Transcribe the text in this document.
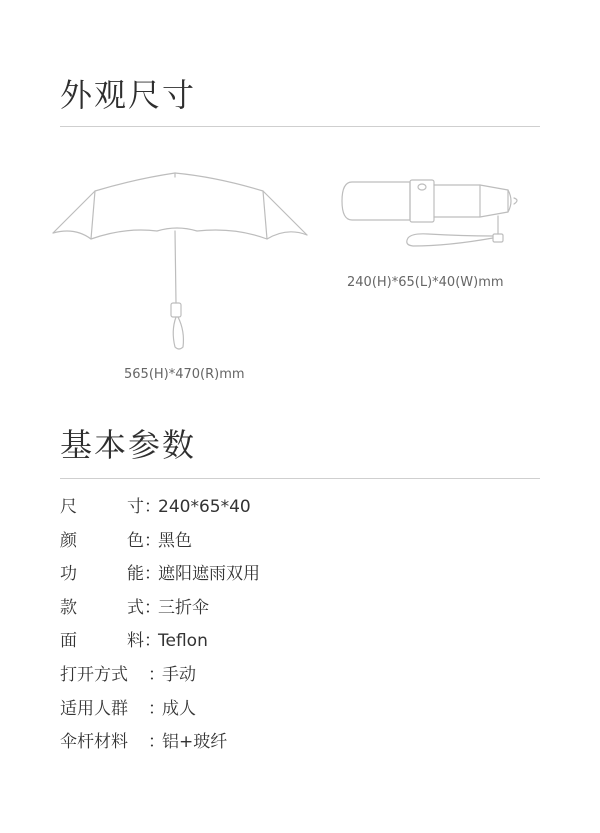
外观尺寸
565(H)*470(R)mm
240(H)*65(L)*40(W)mm
基本参数
尺	寸 ：
240*65*40
颜	色 ：
黑色
功	能 ：
遮阳遮雨双用
款	式 ：
三折伞
面	料 ：
Teflon
打开方式 ：
手动
适用人群 ：
成人
伞杆材料 ：
铝+玻纤
